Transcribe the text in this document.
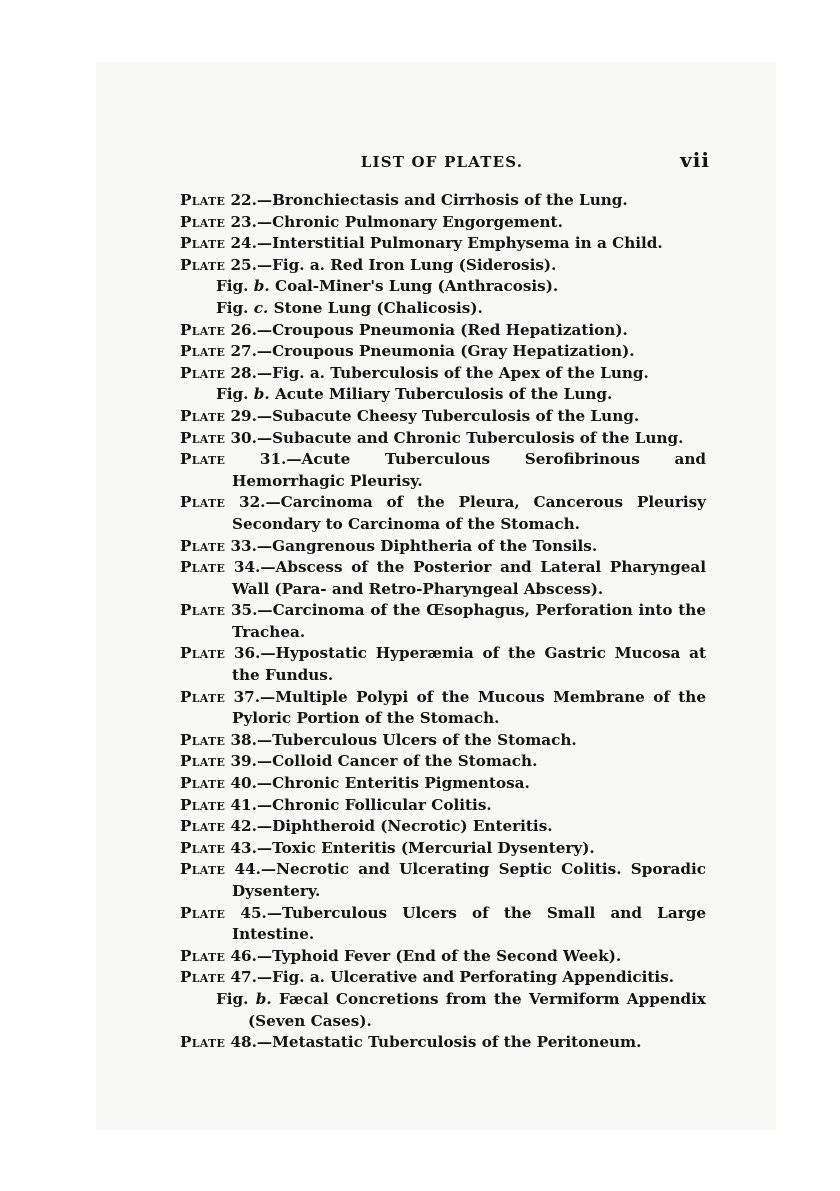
LIST OF PLATES.	vii

Plate 22.—Bronchiectasis and Cirrhosis of the Lung.

Plate 23.—Chronic Pulmonary Engorgement.

Plate 24.—Interstitial Pulmonary Emphysema in a Child.

Plate 25.—Fig. a. Red Iron Lung (Siderosis).

Fig. b. Coal-Miner's Lung (Anthracosis).

Fig. c. Stone Lung (Chalicosis).

Plate 26.—Croupous Pneumonia (Red Hepatization).

Plate 27.—Croupous Pneumonia (Gray Hepatization).

Plate 28.—Fig. a. Tuberculosis of the Apex of the Lung.

Fig. b. Acute Miliary Tuberculosis of the Lung.

Plate 29.—Subacute Cheesy Tuberculosis of the Lung.

Plate 30.—Subacute and Chronic Tuberculosis of the Lung.

Plate 31.—Acute Tuberculous Serofibrinous and Hemorrhagic Pleurisy.

Plate 32.—Carcinoma of the Pleura, Cancerous Pleurisy Secondary to Carcinoma of the Stomach.

Plate 33.—Gangrenous Diphtheria of the Tonsils.

Plate 34.—Abscess of the Posterior and Lateral Pharyngeal Wall (Para- and Retro-Pharyngeal Abscess).

Plate 35.—Carcinoma of the Œsophagus, Perforation into the Trachea.

Plate 36.—Hypostatic Hyperæmia of the Gastric Mucosa at the Fundus.

Plate 37.—Multiple Polypi of the Mucous Membrane of the Pyloric Portion of the Stomach.

Plate 38.—Tuberculous Ulcers of the Stomach.

Plate 39.—Colloid Cancer of the Stomach.

Plate 40.—Chronic Enteritis Pigmentosa.

Plate 41.—Chronic Follicular Colitis.

Plate 42.—Diphtheroid (Necrotic) Enteritis.

Plate 43.—Toxic Enteritis (Mercurial Dysentery).

Plate 44.—Necrotic and Ulcerating Septic Colitis. Sporadic Dysentery.

Plate 45.—Tuberculous Ulcers of the Small and Large Intestine.

Plate 46.—Typhoid Fever (End of the Second Week).

Plate 47.—Fig. a. Ulcerative and Perforating Appendicitis.

Fig. b. Fæcal Concretions from the Vermiform Appendix (Seven Cases).

Plate 48.—Metastatic Tuberculosis of the Peritoneum.
